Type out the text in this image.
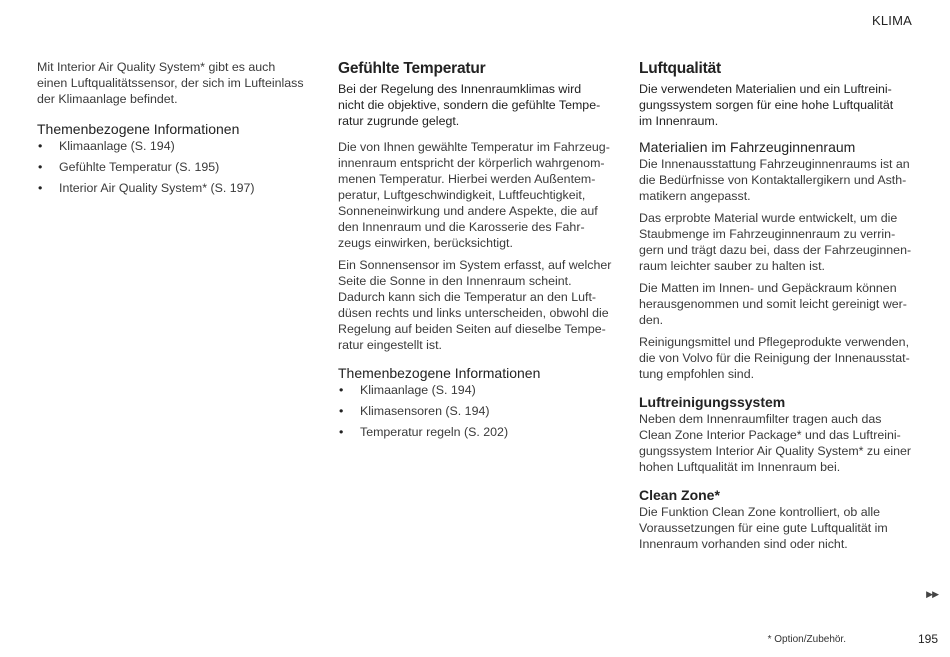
KLIMA

Mit Interior Air Quality System* gibt es auch
einen Luftqualitätssensor, der sich im Lufteinlass
der Klimaanlage befindet.

Themenbezogene Informationen
• Klimaanlage (S. 194)
• Gefühlte Temperatur (S. 195)
• Interior Air Quality System* (S. 197)
Gefühlte Temperatur

Bei der Regelung des Innenraumklimas wird
nicht die objektive, sondern die gefühlte Tempe-
ratur zugrunde gelegt.

Die von Ihnen gewählte Temperatur im Fahrzeug-
innenraum entspricht der körperlich wahrgenom-
menen Temperatur. Hierbei werden Außentem-
peratur, Luftgeschwindigkeit, Luftfeuchtigkeit,
Sonneneinwirkung und andere Aspekte, die auf
den Innenraum und die Karosserie des Fahr-
zeugs einwirken, berücksichtigt.

Ein Sonnensensor im System erfasst, auf welcher
Seite die Sonne in den Innenraum scheint.
Dadurch kann sich die Temperatur an den Luft-
düsen rechts und links unterscheiden, obwohl die
Regelung auf beiden Seiten auf dieselbe Tempe-
ratur eingestellt ist.

Themenbezogene Informationen
• Klimaanlage (S. 194)
• Klimasensoren (S. 194)
• Temperatur regeln (S. 202)
Luftqualität

Die verwendeten Materialien und ein Luftreini-
gungssystem sorgen für eine hohe Luftqualität
im Innenraum.

Materialien im Fahrzeuginnenraum

Die Innenausstattung Fahrzeuginnenraums ist an
die Bedürfnisse von Kontaktallergikern und Asth-
matikern angepasst.

Das erprobte Material wurde entwickelt, um die
Staubmenge im Fahrzeuginnenraum zu verrin-
gern und trägt dazu bei, dass der Fahrzeuginnen-
raum leichter sauber zu halten ist.

Die Matten im Innen- und Gepäckraum können
herausgenommen und somit leicht gereinigt wer-
den.

Reinigungsmittel und Pflegeprodukte verwenden,
die von Volvo für die Reinigung der Innenausstat-
tung empfohlen sind.

Luftreinigungssystem

Neben dem Innenraumfilter tragen auch das
Clean Zone Interior Package* und das Luftreini-
gungssystem Interior Air Quality System* zu einer
hohen Luftqualität im Innenraum bei.

Clean Zone*

Die Funktion Clean Zone kontrolliert, ob alle
Voraussetzungen für eine gute Luftqualität im
Innenraum vorhanden sind oder nicht.

▶▶
* Option/Zubehör.	195
